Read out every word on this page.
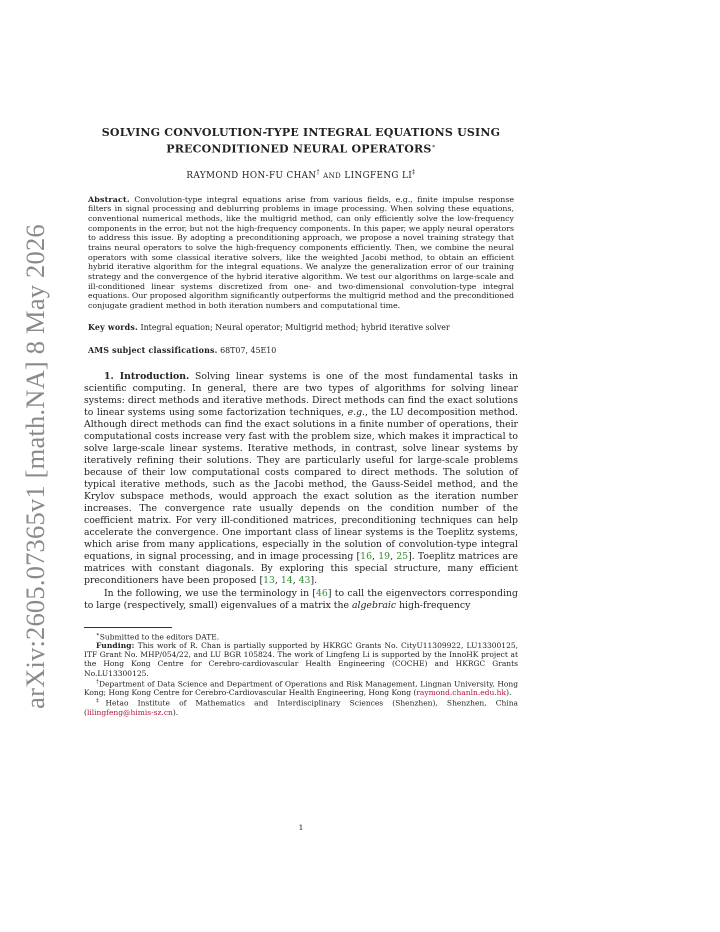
arXiv:2605.07365v1 [math.NA] 8 May 2026
SOLVING CONVOLUTION-TYPE INTEGRAL EQUATIONS USING
PRECONDITIONED NEURAL OPERATORS∗

RAYMOND HON-FU CHAN† AND LINGFENG LI‡

Abstract. Convolution-type integral equations arise from various fields, e.g., finite impulse response filters in signal processing and deblurring problems in image processing. When solving these equations, conventional numerical methods, like the multigrid method, can only efficiently solve the low-frequency components in the error, but not the high-frequency components. In this paper, we apply neural operators to address this issue. By adopting a preconditioning approach, we propose a novel training strategy that trains neural operators to solve the high-frequency components efficiently. Then, we combine the neural operators with some classical iterative solvers, like the weighted Jacobi method, to obtain an efficient hybrid iterative algorithm for the integral equations. We analyze the generalization error of our training strategy and the convergence of the hybrid iterative algorithm. We test our algorithms on large-scale and ill-conditioned linear systems discretized from one- and two-dimensional convolution-type integral equations. Our proposed algorithm significantly outperforms the multigrid method and the preconditioned conjugate gradient method in both iteration numbers and computational time.

Key words. Integral equation; Neural operator; Multigrid method; hybrid iterative solver

AMS subject classifications. 68T07, 45E10

1. Introduction. Solving linear systems is one of the most fundamental tasks in scientific computing. In general, there are two types of algorithms for solving linear systems: direct methods and iterative methods. Direct methods can find the exact solutions to linear systems using some factorization techniques, e.g., the LU decomposition method. Although direct methods can find the exact solutions in a finite number of operations, their computational costs increase very fast with the problem size, which makes it impractical to solve large-scale linear systems. Iterative methods, in contrast, solve linear systems by iteratively refining their solutions. They are particularly useful for large-scale problems because of their low computational costs compared to direct methods. The solution of typical iterative methods, such as the Jacobi method, the Gauss-Seidel method, and the Krylov subspace methods, would approach the exact solution as the iteration number increases. The convergence rate usually depends on the condition number of the coefficient matrix. For very ill-conditioned matrices, preconditioning techniques can help accelerate the convergence. One important class of linear systems is the Toeplitz systems, which arise from many applications, especially in the solution of convolution-type integral equations, in signal processing, and in image processing [16, 19, 25]. Toeplitz matrices are matrices with constant diagonals. By exploring this special structure, many efficient preconditioners have been proposed [13, 14, 43].

In the following, we use the terminology in [46] to call the eigenvectors corresponding to large (respectively, small) eigenvalues of a matrix the algebraic high-frequency

∗Submitted to the editors DATE.

Funding: This work of R. Chan is partially supported by HKRGC Grants No. CityU11309922, LU13300125, ITF Grant No. MHP/054/22, and LU BGR 105824. The work of Lingfeng Li is supported by the InnoHK project at the Hong Kong Centre for Cerebro-cardiovascular Health Engineering (COCHE) and HKRGC Grants No.LU13300125.

†Department of Data Science and Department of Operations and Risk Management, Lingnan University, Hong Kong; Hong Kong Centre for Cerebro-Cardiovascular Health Engineering, Hong Kong (raymond.chanln.edu.hk).

‡Hetao Institute of Mathematics and Interdisciplinary Sciences (Shenzhen), Shenzhen, China (lilingfeng@himis-sz.cn).

1
